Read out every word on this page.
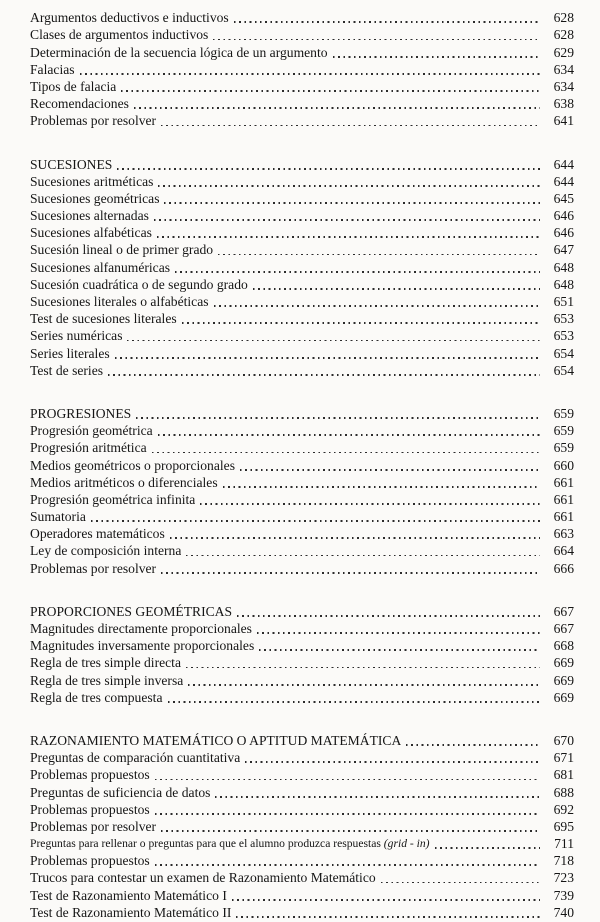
Argumentos deductivos e inductivos	628
Clases de argumentos inductivos	628
Determinación de la secuencia lógica de un argumento	629
Falacias	634
Tipos de falacia	634
Recomendaciones	638
Problemas por resolver	641
SUCESIONES	644
Sucesiones aritméticas	644
Sucesiones geométricas	645
Sucesiones alternadas	646
Sucesiones alfabéticas	646
Sucesión lineal o de primer grado	647
Sucesiones alfanuméricas	648
Sucesión cuadrática o de segundo grado	648
Sucesiones literales o alfabéticas	651
Test de sucesiones literales	653
Series numéricas	653
Series literales	654
Test de series	654
PROGRESIONES	659
Progresión geométrica	659
Progresión aritmética	659
Medios geométricos o proporcionales	660
Medios aritméticos o diferenciales	661
Progresión geométrica infinita	661
Sumatoria	661
Operadores matemáticos	663
Ley de composición interna	664
Problemas por resolver	666
PROPORCIONES GEOMÉTRICAS	667
Magnitudes directamente proporcionales	667
Magnitudes inversamente proporcionales	668
Regla de tres simple directa	669
Regla de tres simple inversa	669
Regla de tres compuesta	669
RAZONAMIENTO MATEMÁTICO O APTITUD MATEMÁTICA	670
Preguntas de comparación cuantitativa	671
Problemas propuestos	681
Preguntas de suficiencia de datos	688
Problemas propuestos	692
Problemas por resolver	695
Preguntas para rellenar o preguntas para que el alumno produzca respuestas (grid - in)	711
Problemas propuestos	718
Trucos para contestar un examen de Razonamiento Matemático	723
Test de Razonamiento Matemático I	739
Test de Razonamiento Matemático II	740
